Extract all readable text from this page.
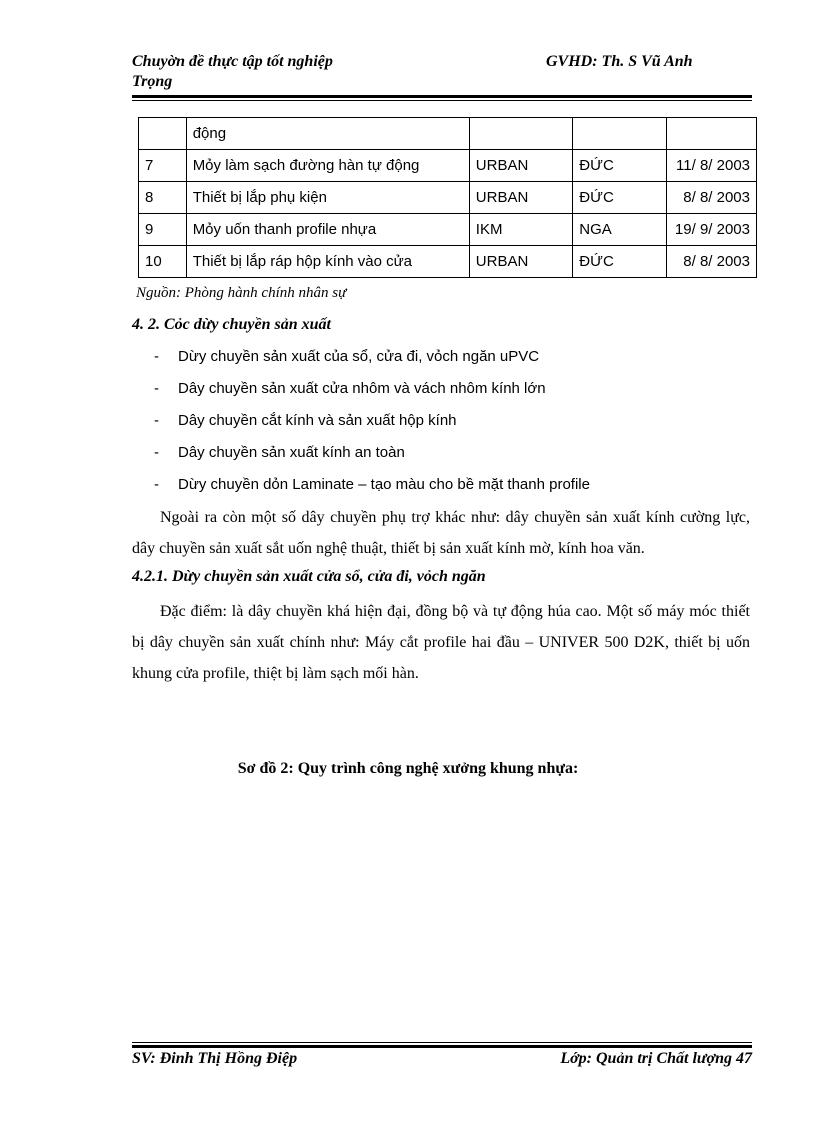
Chuyờn đề thực tập tốt nghiệp	GVHD: Th. S Vũ Anh
Trọng
	động			
7	Mỏy làm sạch đường hàn tự động	URBAN	ĐỨC	11/ 8/ 2003
8	Thiết bị lắp phụ kiện	URBAN	ĐỨC	8/ 8/ 2003
9	Mỏy uốn thanh profile nhựa	IKM	NGA	19/ 9/ 2003
10	Thiết bị lắp ráp hộp kính vào cửa	URBAN	ĐỨC	8/ 8/ 2003
Nguồn: Phòng hành chính nhân sự
4. 2. Cỏc dừy chuyền sản xuất
- Dừy chuyền sản xuất của sổ, cửa đi, vỏch ngăn uPVC
- Dây chuyền sản xuất cửa nhôm và vách nhôm kính lớn
- Dây chuyền cắt kính và sản xuất hộp kính
- Dây chuyền sản xuất kính an toàn
- Dừy chuyền dỏn Laminate – tạo màu cho bề mặt thanh profile
Ngoài ra còn một số dây chuyền phụ trợ khác như: dây chuyền sản xuất kính cường lực, dây chuyền sản xuất sắt uốn nghệ thuật, thiết bị sản xuất kính mờ, kính hoa văn.
4.2.1. Dừy chuyền sản xuất cửa sổ, cửa đi, vỏch ngăn
Đặc điểm: là dây chuyền khá hiện đại, đồng bộ và tự động húa cao. Một số máy móc thiết bị dây chuyền sản xuất chính như: Máy cắt profile hai đầu – UNIVER 500 D2K, thiết bị uốn khung cửa profile, thiệt bị làm sạch mối hàn.
Sơ đồ 2: Quy trình công nghệ xưởng khung nhựa:
SV: Đinh Thị Hồng Điệp	Lớp: Quản trị Chất lượng 47
